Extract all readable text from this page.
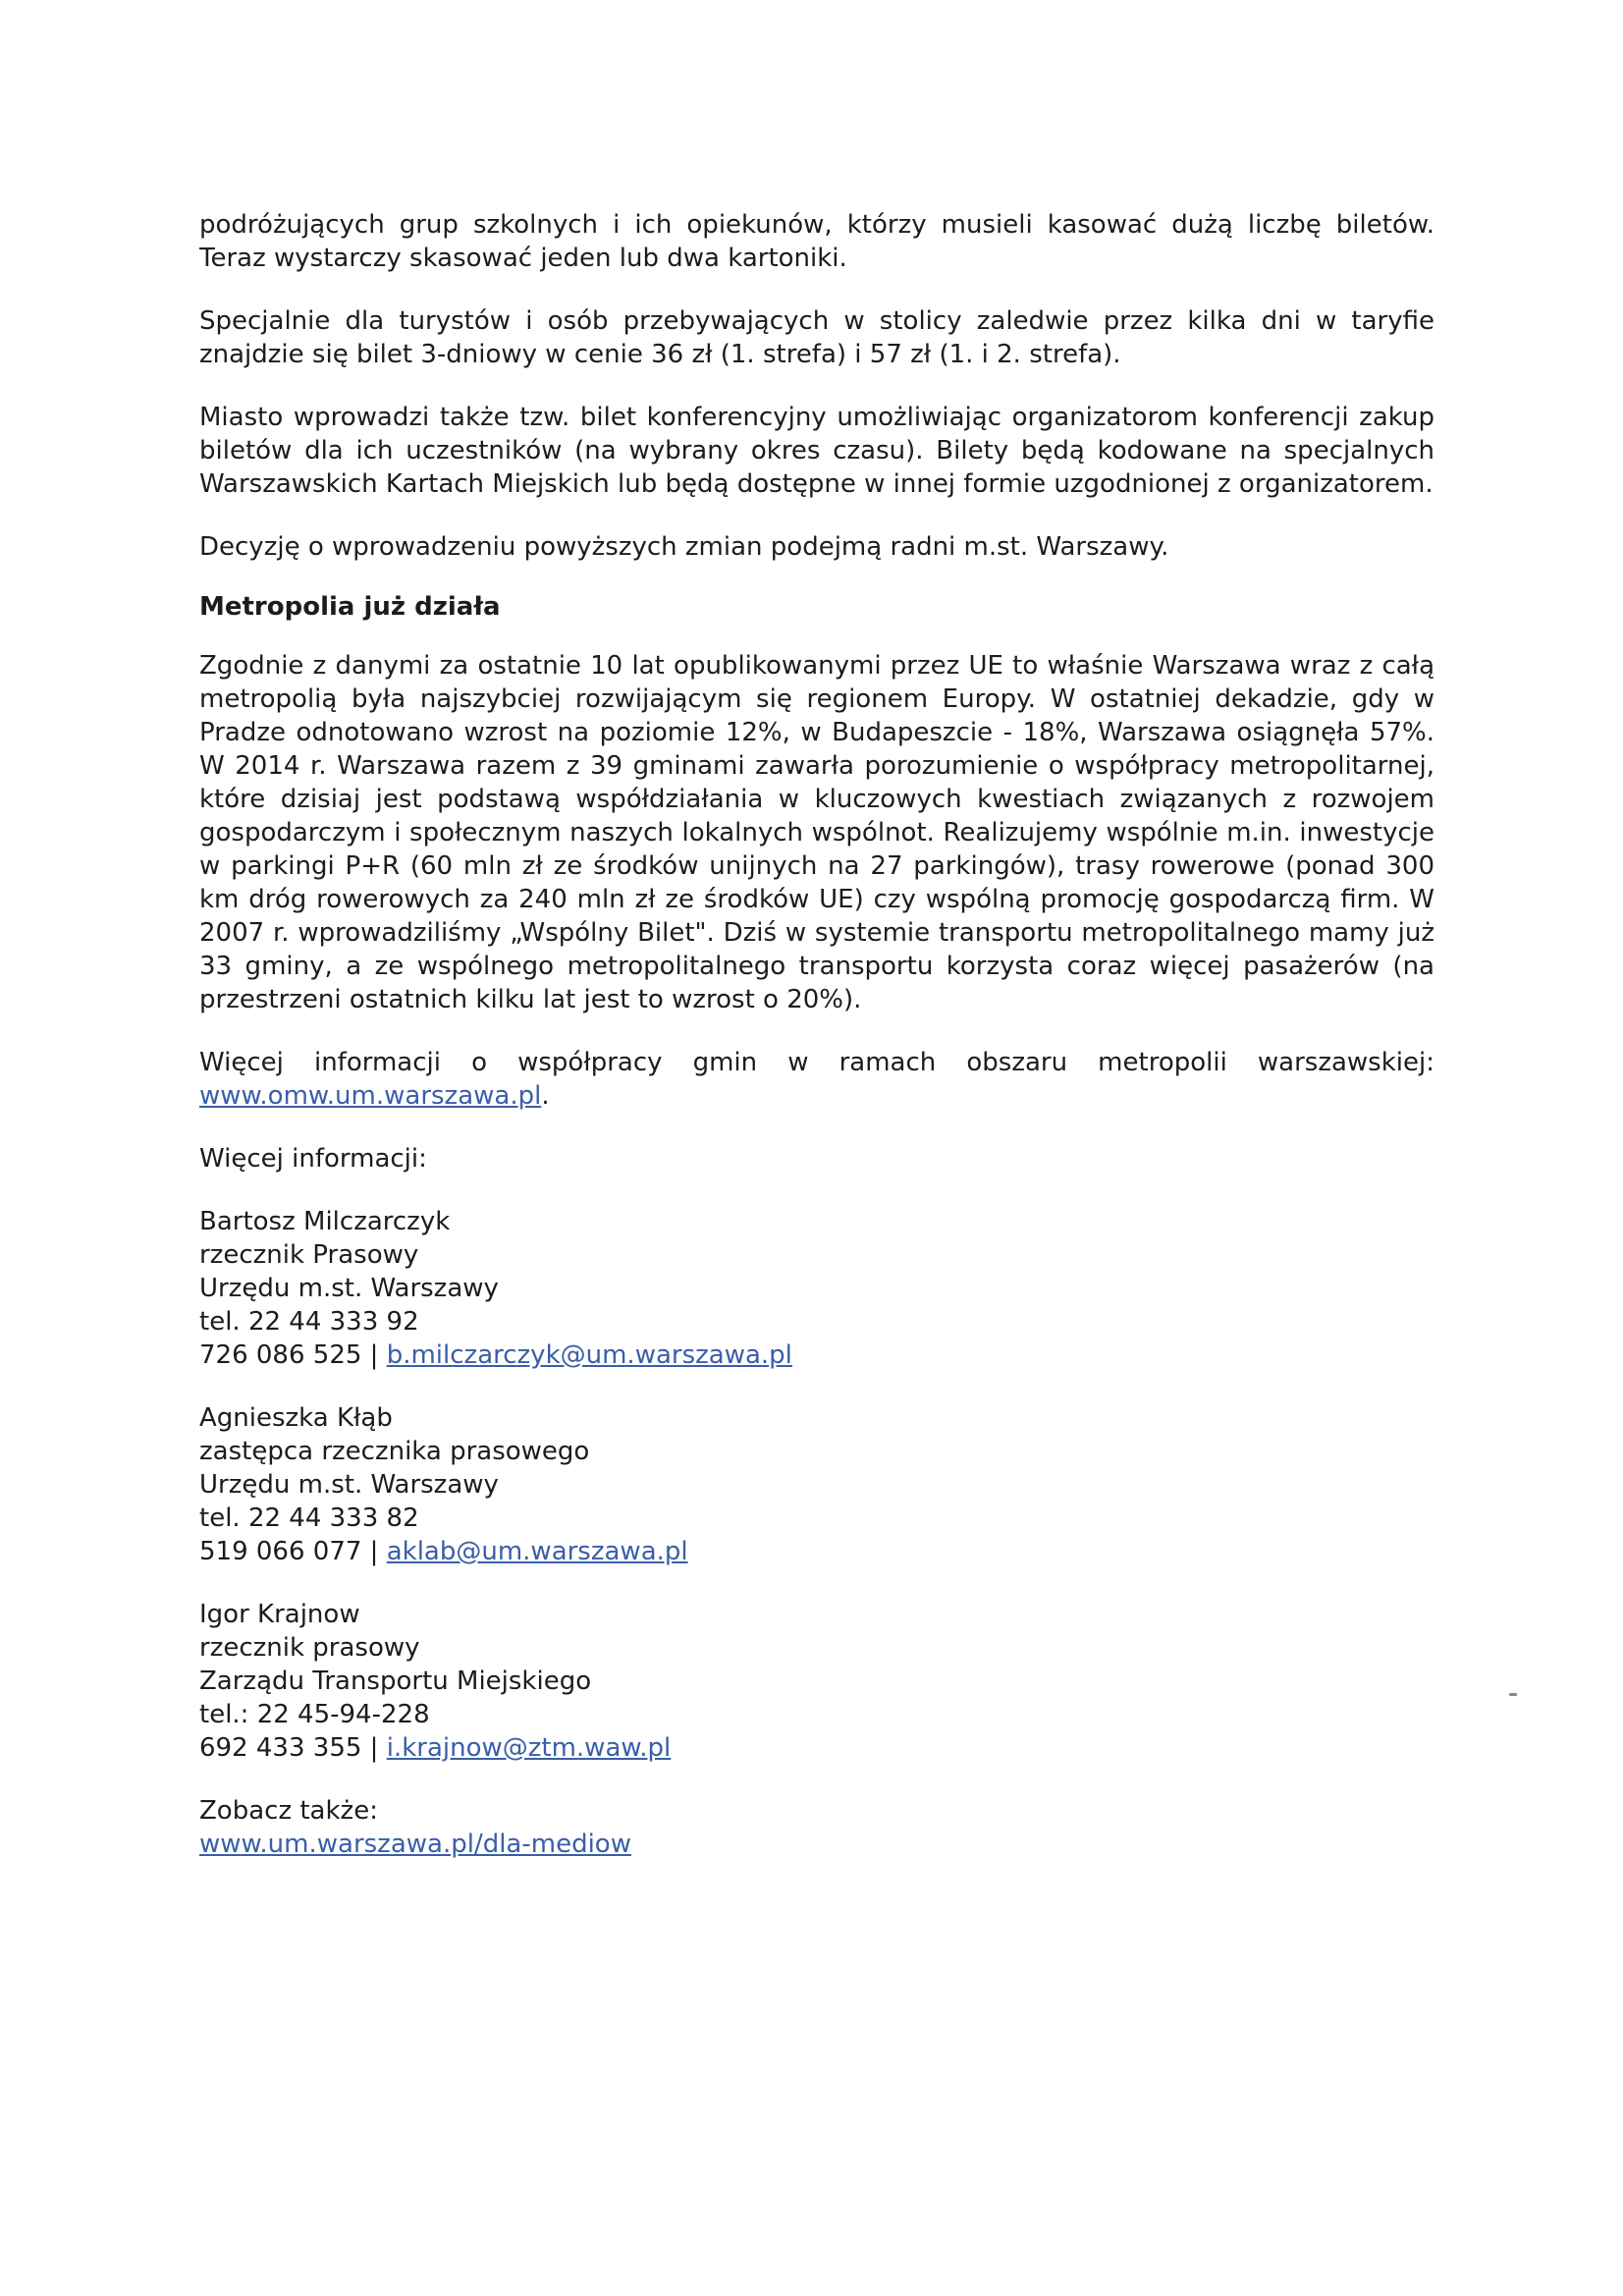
podróżujących grup szkolnych i ich opiekunów, którzy musieli kasować dużą liczbę biletów. Teraz wystarczy skasować jeden lub dwa kartoniki.

Specjalnie dla turystów i osób przebywających w stolicy zaledwie przez kilka dni w taryfie znajdzie się bilet 3-dniowy w cenie 36 zł (1. strefa) i 57 zł (1. i 2. strefa).

Miasto wprowadzi także tzw. bilet konferencyjny umożliwiając organizatorom konferencji zakup biletów dla ich uczestników (na wybrany okres czasu). Bilety będą kodowane na specjalnych Warszawskich Kartach Miejskich lub będą dostępne w innej formie uzgodnionej z organizatorem.

Decyzję o wprowadzeniu powyższych zmian podejmą radni m.st. Warszawy.

Metropolia już działa

Zgodnie z danymi za ostatnie 10 lat opublikowanymi przez UE to właśnie Warszawa wraz z całą metropolią była najszybciej rozwijającym się regionem Europy. W ostatniej dekadzie, gdy w Pradze odnotowano wzrost na poziomie 12%, w Budapeszcie - 18%, Warszawa osiągnęła 57%. W 2014 r. Warszawa razem z 39 gminami zawarła porozumienie o współpracy metropolitarnej, które dzisiaj jest podstawą współdziałania w kluczowych kwestiach związanych z rozwojem gospodarczym i społecznym naszych lokalnych wspólnot. Realizujemy wspólnie m.in. inwestycje w parkingi P+R (60 mln zł ze środków unijnych na 27 parkingów), trasy rowerowe (ponad 300 km dróg rowerowych za 240 mln zł ze środków UE) czy wspólną promocję gospodarczą firm. W 2007 r. wprowadziliśmy „Wspólny Bilet". Dziś w systemie transportu metropolitalnego mamy już 33 gminy, a ze wspólnego metropolitalnego transportu korzysta coraz więcej pasażerów (na przestrzeni ostatnich kilku lat jest to wzrost o 20%).

Więcej informacji o współpracy gmin w ramach obszaru metropolii warszawskiej: www.omw.um.warszawa.pl.

Więcej informacji:

Bartosz Milczarczyk
rzecznik Prasowy
Urzędu m.st. Warszawy
tel. 22 44 333 92
726 086 525 | b.milczarczyk@um.warszawa.pl
Agnieszka Kłąb
zastępca rzecznika prasowego
Urzędu m.st. Warszawy
tel. 22 44 333 82
519 066 077 | aklab@um.warszawa.pl
Igor Krajnow
rzecznik prasowy
Zarządu Transportu Miejskiego
tel.: 22 45-94-228
692 433 355 | i.krajnow@ztm.waw.pl
Zobacz także:
www.um.warszawa.pl/dla-mediow
